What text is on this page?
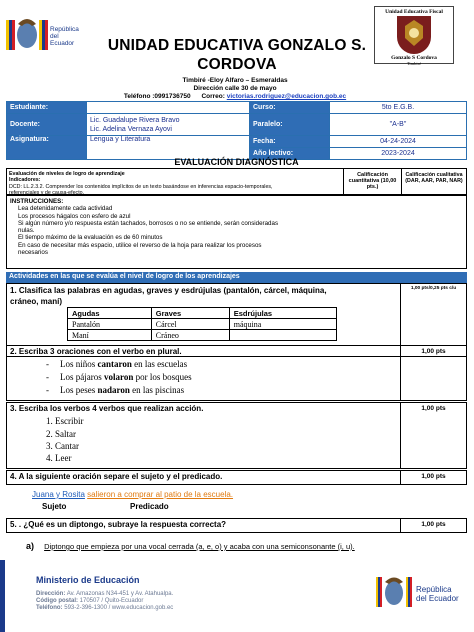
República
del Ecuador
Unidad Educativa Fiscal
Gonzalo S Cordova
Timbiré
UNIDAD EDUCATIVA GONZALO S.
CORDOVA
Timbiré -Eloy Alfaro – Esmeraldas
Dirección calle 30 de mayo
Teléfono :0991736750 Correo: victorias.rodriguez@educacion.gob.ec
Estudiante:		Curso:	5to E.G.B.
Docente:	Lic. Guadalupe Rivera Bravo
Lic. Adelina Vernaza Ayovi	Paralelo:	"A-B"
Asignatura:	Lengua y Literatura	Fecha:	04-24-2024
		Año lectivo:	2023-2024
EVALUACIÓN DIAGNÓSTICA
Evaluación de niveles de logro de aprendizaje
Indicadores:
DCD: LL.2.3.2. Comprender los contenidos implícitos de un texto basándose en inferencias espacio-temporales,
referenciales y de causa-efecto.
Calificación cuantitativa (10,00 pts.)
Calificación cualitativa (DAR, AAR, PAR, NAR)
INSTRUCCIONES:
Lea detenidamente cada actividad
Los procesos hágalos con esfero de azul
Si algún número y/o respuesta están tachados, borrosos o no se entiende, serán consideradas
nulas.
El tiempo máximo de la evaluación es de 60 minutos
En caso de necesitar más espacio, utilice el reverso de la hoja para realizar los procesos
necesarios
Actividades en las que se evalúa el nivel de logro de los aprendizajes
1. Clasifica las palabras en agudas, graves y esdrújulas (pantalón, cárcel, máquina,
cráneo, maní)
1,00 pts/0,25 pts c/u
Agudas	Graves	Esdrújulas
Pantalón	Cárcel	máquina
Maní	Cráneo	
2. Escriba 3 oraciones con el verbo en plural.	1,00 pts
- Los niños cantaron en las escuelas
- Los pájaros volaron por los bosques
- Los peses nadaron en las piscinas
3. Escriba los verbos 4 verbos que realizan acción.	1,00 pts
1. Escribir
2. Saltar
3. Cantar
4. Leer
4. A la siguiente oración separe el sujeto y el predicado.	1,00 pts
Juana y Rosita salieron a comprar al patio de la escuela.
Sujeto	Predicado
5. . ¿Qué es un diptongo, subraye la respuesta correcta?	1,00 pts
a) Diptongo que empieza por una vocal cerrada (a, e, o) y acaba con una semiconsonante (i, u).
Ministerio de Educación
Dirección: Av. Amazonas N34-451 y Av. Atahualpa.
Código postal: 170507 / Quito-Ecuador
Teléfono: 593-2-396-1300 / www.educacion.gob.ec
República
del Ecuador
